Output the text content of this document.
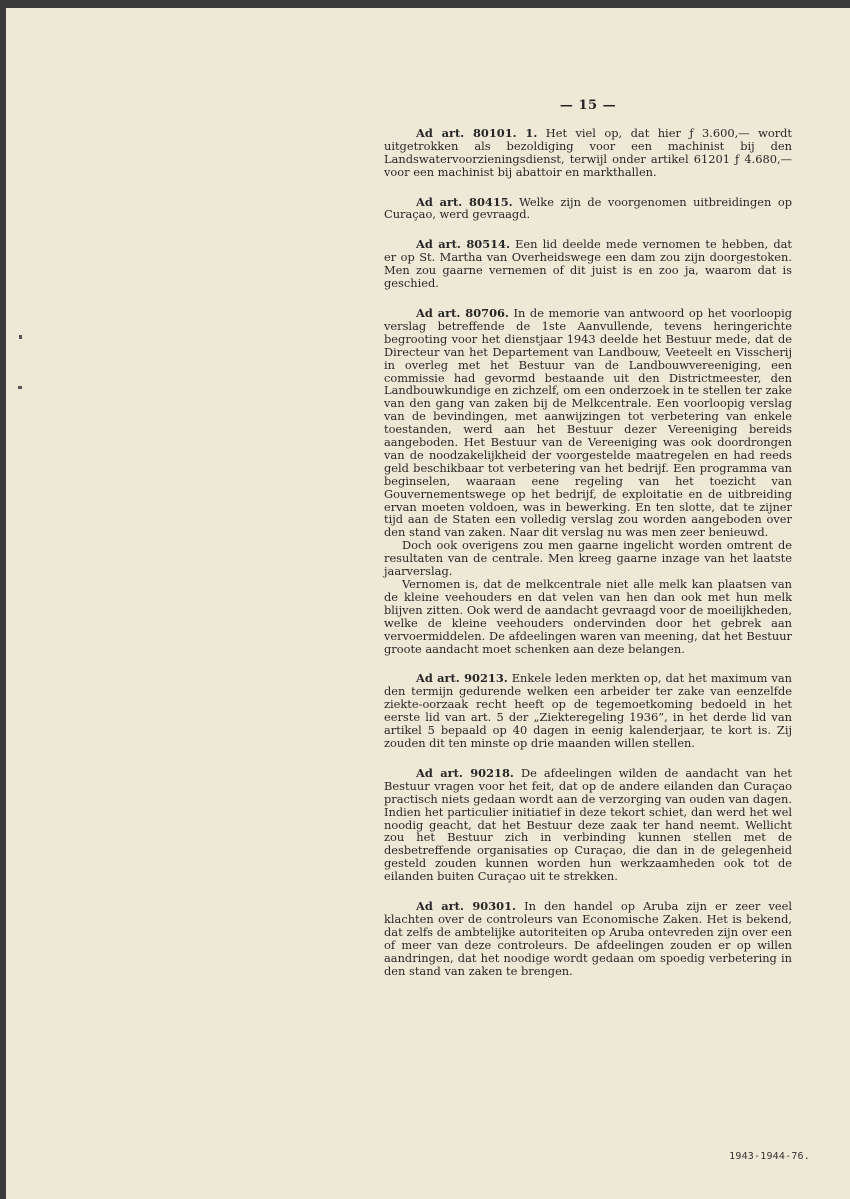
— 15 —

Ad art. 80101. 1. Het viel op, dat hier ƒ 3.600,— wordt uitgetrokken als bezoldiging voor een machinist bij den Landswatervoorzieningsdienst, terwijl onder artikel 61201 ƒ 4.680,— voor een machinist bij abattoir en markthallen.

Ad art. 80415. Welke zijn de voorgenomen uitbreidingen op Curaçao, werd gevraagd.

Ad art. 80514. Een lid deelde mede vernomen te hebben, dat er op St. Martha van Overheidswege een dam zou zijn doorgestoken. Men zou gaarne vernemen of dit juist is en zoo ja, waarom dat is geschied.

Ad art. 80706. In de memorie van antwoord op het voorloopig verslag betreffende de 1ste Aanvullende, tevens heringerichte begrooting voor het dienstjaar 1943 deelde het Bestuur mede, dat de Directeur van het Departement van Landbouw, Veeteelt en Visscherij in overleg met het Bestuur van de Landbouwvereeniging, een commissie had gevormd bestaande uit den Districtmeester, den Landbouwkundige en zichzelf, om een onderzoek in te stellen ter zake van den gang van zaken bij de Melkcentrale. Een voorloopig verslag van de bevindingen, met aanwijzingen tot verbetering van enkele toestanden, werd aan het Bestuur dezer Vereeniging bereids aangeboden. Het Bestuur van de Vereeniging was ook doordrongen van de noodzakelijkheid der voorgestelde maatregelen en had reeds geld beschikbaar tot verbetering van het bedrijf. Een programma van beginselen, waaraan eene regeling van het toezicht van Gouvernementswege op het bedrijf, de exploitatie en de uitbreiding ervan moeten voldoen, was in bewerking. En ten slotte, dat te zijner tijd aan de Staten een volledig verslag zou worden aangeboden over den stand van zaken. Naar dit verslag nu was men zeer benieuwd.

Doch ook overigens zou men gaarne ingelicht worden omtrent de resultaten van de centrale. Men kreeg gaarne inzage van het laatste jaarverslag.

Vernomen is, dat de melkcentrale niet alle melk kan plaatsen van de kleine veehouders en dat velen van hen dan ook met hun melk blijven zitten. Ook werd de aandacht gevraagd voor de moeilijkheden, welke de kleine veehouders ondervinden door het gebrek aan vervoermiddelen. De afdeelingen waren van meening, dat het Bestuur groote aandacht moet schenken aan deze belangen.

Ad art. 90213. Enkele leden merkten op, dat het maximum van den termijn gedurende welken een arbeider ter zake van eenzelfde ziekte-oorzaak recht heeft op de tegemoetkoming bedoeld in het eerste lid van art. 5 der „Ziekteregeling 1936”, in het derde lid van artikel 5 bepaald op 40 dagen in eenig kalenderjaar, te kort is. Zij zouden dit ten minste op drie maanden willen stellen.

Ad art. 90218. De afdeelingen wilden de aandacht van het Bestuur vragen voor het feit, dat op de andere eilanden dan Curaçao practisch niets gedaan wordt aan de verzorging van ouden van dagen. Indien het particulier initiatief in deze tekort schiet, dan werd het wel noodig geacht, dat het Bestuur deze zaak ter hand neemt. Wellicht zou het Bestuur zich in verbinding kunnen stellen met de desbetreffende organisaties op Curaçao, die dan in de gelegenheid gesteld zouden kunnen worden hun werkzaamheden ook tot de eilanden buiten Curaçao uit te strekken.

Ad art. 90301. In den handel op Aruba zijn er zeer veel klachten over de controleurs van Economische Zaken. Het is bekend, dat zelfs de ambtelijke autoriteiten op Aruba ontevreden zijn over een of meer van deze controleurs. De afdeelingen zouden er op willen aandringen, dat het noodige wordt gedaan om spoedig verbetering in den stand van zaken te brengen.

1943-1944-76.
